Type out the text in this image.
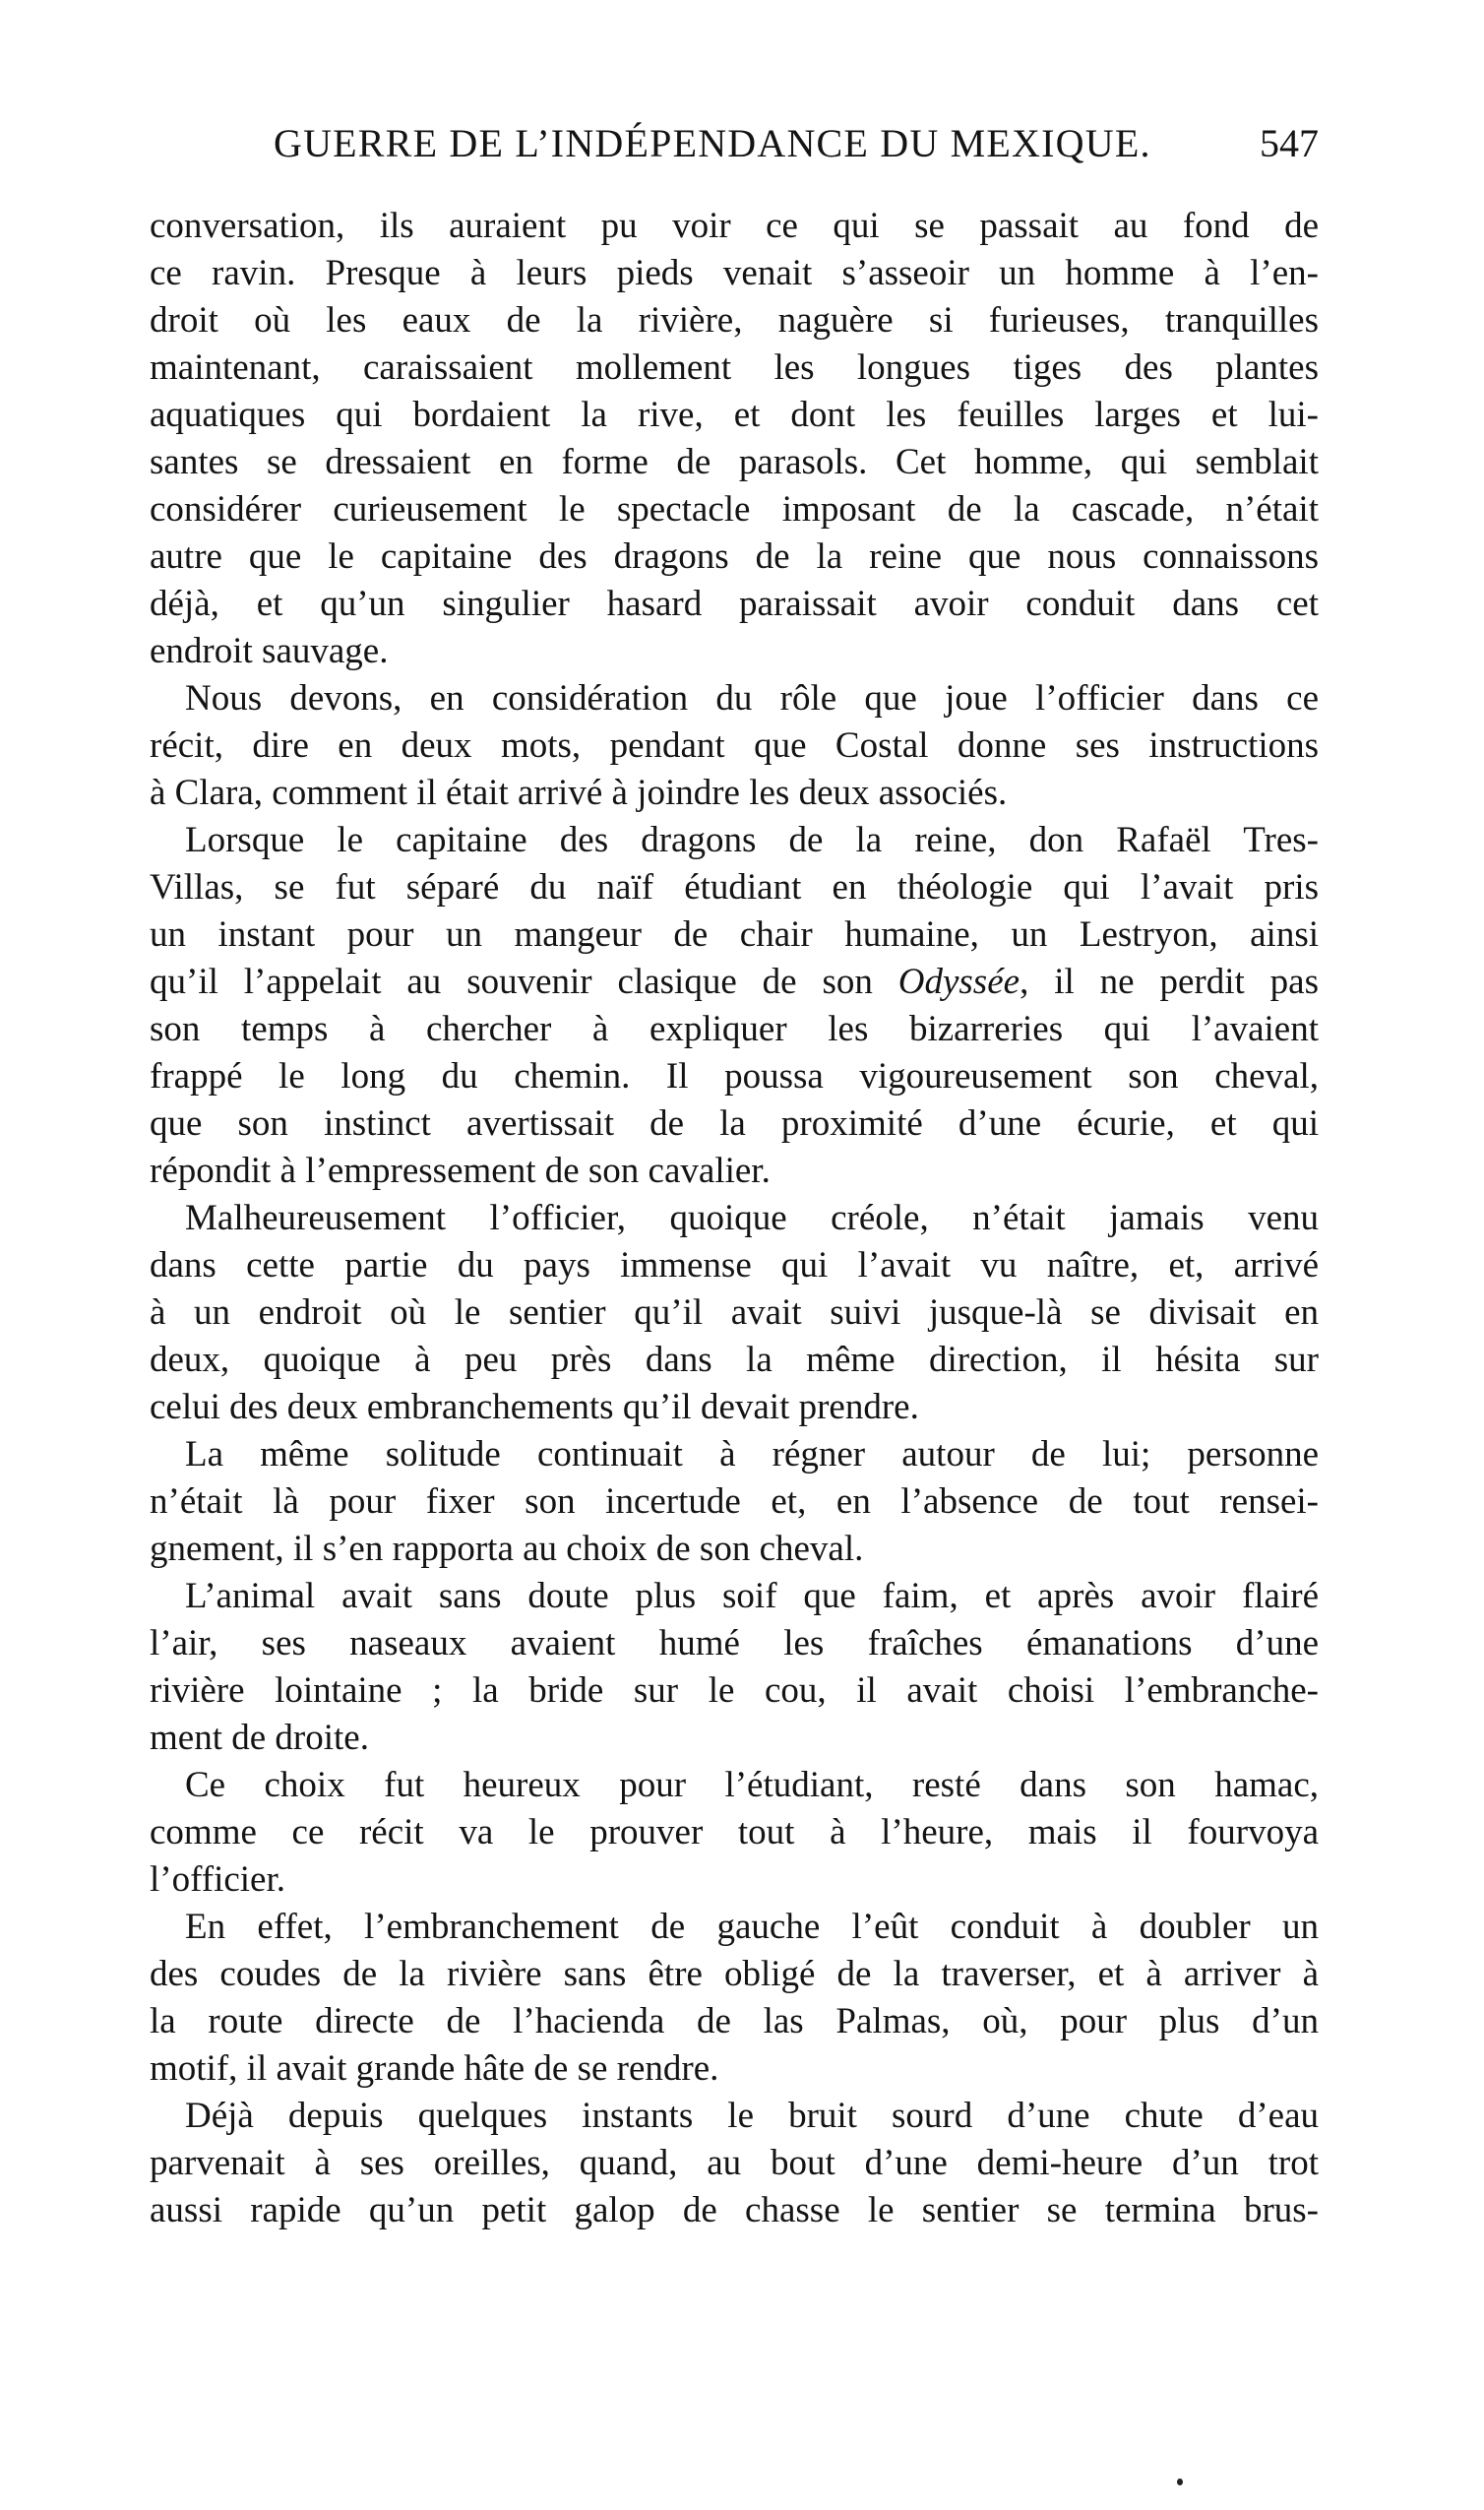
GUERRE DE L’INDÉPENDANCE DU MEXIQUE.	547
conversation, ils auraient pu voir ce qui se passait au fond de
ce ravin. Presque à leurs pieds venait s’asseoir un homme à l’en-
droit où les eaux de la rivière, naguère si furieuses, tranquilles
maintenant, caraissaient mollement les longues tiges des plantes
aquatiques qui bordaient la rive, et dont les feuilles larges et lui-
santes se dressaient en forme de parasols. Cet homme, qui semblait
considérer curieusement le spectacle imposant de la cascade, n’était
autre que le capitaine des dragons de la reine que nous connaissons
déjà, et qu’un singulier hasard paraissait avoir conduit dans cet
endroit sauvage.
Nous devons, en considération du rôle que joue l’officier dans ce
récit, dire en deux mots, pendant que Costal donne ses instructions
à Clara, comment il était arrivé à joindre les deux associés.
Lorsque le capitaine des dragons de la reine, don Rafaël Tres-
Villas, se fut séparé du naïf étudiant en théologie qui l’avait pris
un instant pour un mangeur de chair humaine, un Lestryon, ainsi
qu’il l’appelait au souvenir clasique de son Odyssée, il ne perdit pas
son temps à chercher à expliquer les bizarreries qui l’avaient
frappé le long du chemin. Il poussa vigoureusement son cheval,
que son instinct avertissait de la proximité d’une écurie, et qui
répondit à l’empressement de son cavalier.
Malheureusement l’officier, quoique créole, n’était jamais venu
dans cette partie du pays immense qui l’avait vu naître, et, arrivé
à un endroit où le sentier qu’il avait suivi jusque-là se divisait en
deux, quoique à peu près dans la même direction, il hésita sur
celui des deux embranchements qu’il devait prendre.
La même solitude continuait à régner autour de lui; personne
n’était là pour fixer son incertude et, en l’absence de tout rensei-
gnement, il s’en rapporta au choix de son cheval.
L’animal avait sans doute plus soif que faim, et après avoir flairé
l’air, ses naseaux avaient humé les fraîches émanations d’une
rivière lointaine ; la bride sur le cou, il avait choisi l’embranche-
ment de droite.
Ce choix fut heureux pour l’étudiant, resté dans son hamac,
comme ce récit va le prouver tout à l’heure, mais il fourvoya
l’officier.
En effet, l’embranchement de gauche l’eût conduit à doubler un
des coudes de la rivière sans être obligé de la traverser, et à arriver à
la route directe de l’hacienda de las Palmas, où, pour plus d’un
motif, il avait grande hâte de se rendre.
Déjà depuis quelques instants le bruit sourd d’une chute d’eau
parvenait à ses oreilles, quand, au bout d’une demi-heure d’un trot
aussi rapide qu’un petit galop de chasse le sentier se termina brus-
